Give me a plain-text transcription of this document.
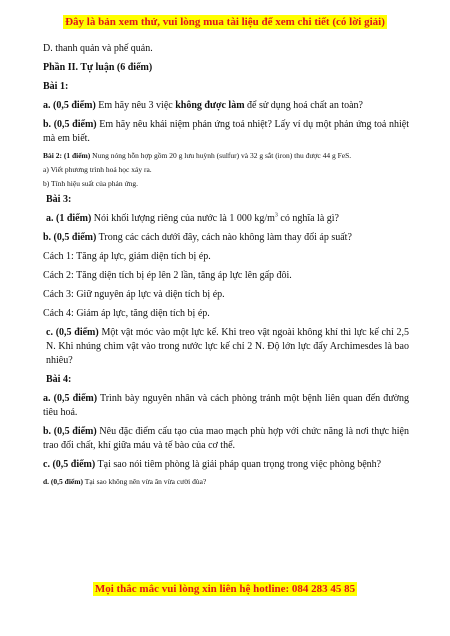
Đây là bản xem thử, vui lòng mua tài liệu để xem chi tiết (có lời giải)

D. thanh quản và phế quản.

Phần II. Tự luận (6 điểm)

Bài 1:

a. (0,5 điểm) Em hãy nêu 3 việc không được làm để sử dụng hoá chất an toàn?

b. (0,5 điểm) Em hãy nêu khái niệm phản ứng toả nhiệt? Lấy ví dụ một phản ứng toả nhiệt mà em biết.

Bài 2: (1 điểm) Nung nóng hỗn hợp gồm 20 g lưu huỳnh (sulfur) và 32 g sắt (iron) thu được 44 g FeS.

a) Viết phương trình hoá học xảy ra.

b) Tính hiệu suất của phản ứng.

Bài 3:

a. (1 điểm) Nói khối lượng riêng của nước là 1 000 $kg/m^3$ có nghĩa là gì?

b. (0,5 điểm) Trong các cách dưới đây, cách nào không làm thay đổi áp suất?

Cách 1: Tăng áp lực, giảm diện tích bị ép.

Cách 2: Tăng diện tích bị ép lên 2 lần, tăng áp lực lên gấp đôi.

Cách 3: Giữ nguyên áp lực và diện tích bị ép.

Cách 4: Giảm áp lực, tăng diện tích bị ép.

c. (0,5 điểm) Một vật móc vào một lực kế. Khi treo vật ngoài không khí thì lực kế chỉ 2,5 N. Khi nhúng chìm vật vào trong nước lực kế chỉ 2 N. Độ lớn lực đẩy Archimesdes là bao nhiêu?

Bài 4:

a. (0,5 điểm) Trình bày nguyên nhân và cách phòng tránh một bệnh liên quan đến đường tiêu hoá.

b. (0,5 điểm) Nêu đặc điểm cấu tạo của mao mạch phù hợp với chức năng là nơi thực hiện trao đổi chất, khí giữa máu và tế bào của cơ thể.

c. (0,5 điểm) Tại sao nói tiêm phòng là giải pháp quan trọng trong việc phòng bệnh?

d. (0,5 điểm) Tại sao không nên vừa ăn vừa cười đùa?

Mọi thắc mắc vui lòng xin liên hệ hotline: 084 283 45 85
